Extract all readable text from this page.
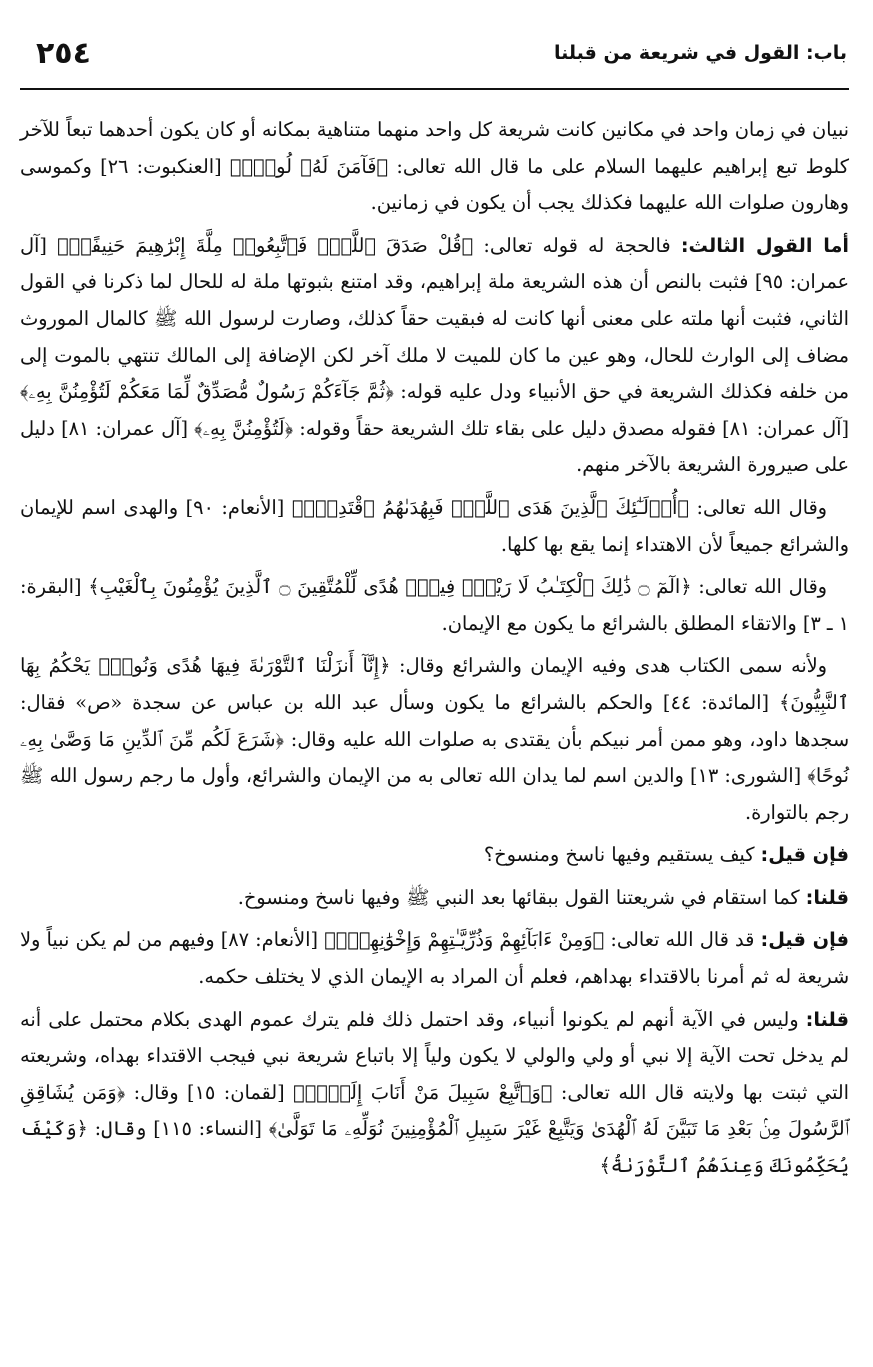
باب: القول في شريعة من قبلنا
٢٥٤

نبيان في زمان واحد في مكانين كانت شريعة كل واحد منهما متناهية بمكانه أو كان يكون أحدهما تبعاً للآخر كلوط تبع إبراهيم عليهما السلام على ما قال الله تعالى: ﴿فَآمَنَ لَهُۥ لُوطٌۘ﴾ [العنكبوت: ٢٦] وكموسى وهارون صلوات الله عليهما فكذلك يجب أن يكون في زمانين.

أما القول الثالث: فالحجة له قوله تعالى: ﴿قُلْ صَدَقَ ٱللَّهُۗ فَٱتَّبِعُوا۟ مِلَّةَ إِبْرَٰهِيمَ حَنِيفًاۖ﴾ [آل عمران: ٩٥] فثبت بالنص أن هذه الشريعة ملة إبراهيم، وقد امتنع بثبوتها ملة له للحال لما ذكرنا في القول الثاني، فثبت أنها ملته على معنى أنها كانت له فبقيت حقاً كذلك، وصارت لرسول الله ﷺ كالمال الموروث مضاف إلى الوارث للحال، وهو عين ما كان للميت لا ملك آخر لكن الإضافة إلى المالك تنتهي بالموت إلى من خلفه فكذلك الشريعة في حق الأنبياء ودل عليه قوله: ﴿ثُمَّ جَآءَكُمْ رَسُولٌ مُّصَدِّقٌ لِّمَا مَعَكُمْ لَتُؤْمِنُنَّ بِهِۦ﴾ [آل عمران: ٨١] فقوله مصدق دليل على بقاء تلك الشريعة حقاً وقوله: ﴿لَتُؤْمِنُنَّ بِهِۦ﴾ [آل عمران: ٨١] دليل على صيرورة الشريعة بالآخر منهم.

وقال الله تعالى: ﴿أُو۟لَـٰٓئِكَ ٱلَّذِينَ هَدَى ٱللَّهُۖ فَبِهُدَىٰهُمُ ٱقْتَدِهْۗ﴾ [الأنعام: ٩٠] والهدى اسم للإيمان والشرائع جميعاً لأن الاهتداء إنما يقع بها كلها.

وقال الله تعالى: ﴿الٓمٓ ۝ ذَٰلِكَ ٱلْكِتَـٰبُ لَا رَيْبَۛ فِيهِۛ هُدًى لِّلْمُتَّقِينَ ۝ ٱلَّذِينَ يُؤْمِنُونَ بِٱلْغَيْبِ﴾ [البقرة: ١ ـ ٣] والاتقاء المطلق بالشرائع ما يكون مع الإيمان.

ولأنه سمى الكتاب هدى وفيه الإيمان والشرائع وقال: ﴿إِنَّآ أَنزَلْنَا ٱلتَّوْرَىٰةَ فِيهَا هُدًى وَنُورٌۚ يَحْكُمُ بِهَا ٱلنَّبِيُّونَ﴾ [المائدة: ٤٤] والحكم بالشرائع ما يكون وسأل عبد الله بن عباس عن سجدة «ص» فقال: سجدها داود، وهو ممن أمر نبيكم بأن يقتدى به صلوات الله عليه وقال: ﴿شَرَعَ لَكُم مِّنَ ٱلدِّينِ مَا وَصَّىٰ بِهِۦ نُوحًا﴾ [الشورى: ١٣] والدين اسم لما يدان الله تعالى به من الإيمان والشرائع، وأول ما رجم رسول الله ﷺ رجم بالتوارة.

فإن قيل: كيف يستقيم وفيها ناسخ ومنسوخ؟

قلنا: كما استقام في شريعتنا القول ببقائها بعد النبي ﷺ وفيها ناسخ ومنسوخ.

فإن قيل: قد قال الله تعالى: ﴿وَمِنْ ءَابَآئِهِمْ وَذُرِّيَّـٰتِهِمْ وَإِخْوَٰنِهِمْۖ﴾ [الأنعام: ٨٧] وفيهم من لم يكن نبياً ولا شريعة له ثم أمرنا بالاقتداء بهداهم، فعلم أن المراد به الإيمان الذي لا يختلف حكمه.

قلنا: وليس في الآية أنهم لم يكونوا أنبياء، وقد احتمل ذلك فلم يترك عموم الهدى بكلام محتمل على أنه لم يدخل تحت الآية إلا نبي أو ولي والولي لا يكون ولياً إلا باتباع شريعة نبي فيجب الاقتداء بهداه، وشريعته التي ثبتت بها ولايته قال الله تعالى: ﴿وَٱتَّبِعْ سَبِيلَ مَنْ أَنَابَ إِلَىَّۚ﴾ [لقمان: ١٥] وقال: ﴿وَمَن يُشَاقِقِ ٱلرَّسُولَ مِنۢ بَعْدِ مَا تَبَيَّنَ لَهُ ٱلْهُدَىٰ وَيَتَّبِعْ غَيْرَ سَبِيلِ ٱلْمُؤْمِنِينَ نُوَلِّهِۦ مَا تَوَلَّىٰ﴾ [النساء: ١١٥] وقال: ﴿وَكَيْفَ يُحَكِّمُونَكَ وَعِندَهُمُ ٱلتَّوْرَىٰةُ﴾
